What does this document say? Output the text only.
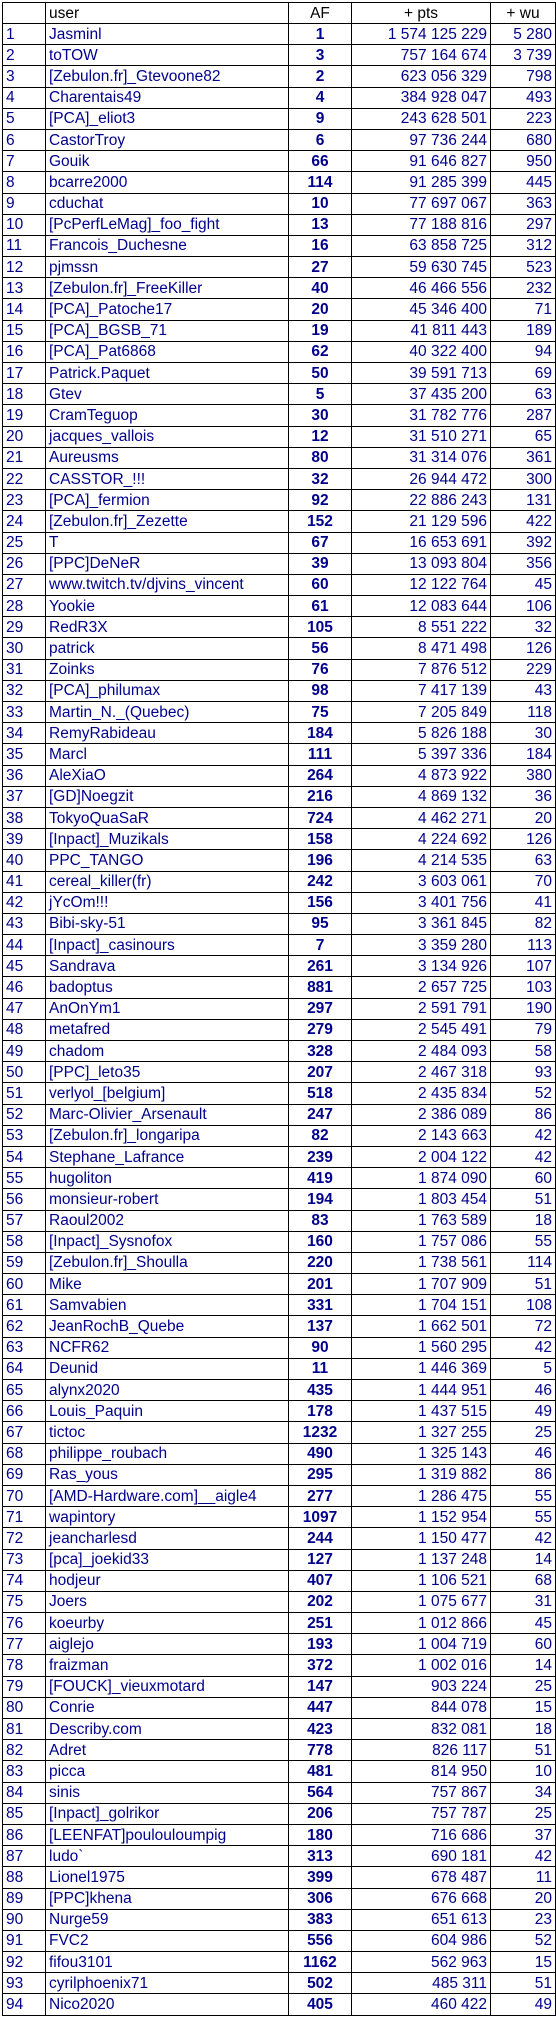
	user	AF	+ pts	+ wu
1	Jasminl	1	1 574 125 229	5 280
2	toTOW	3	757 164 674	3 739
3	[Zebulon.fr]_Gtevoone82	2	623 056 329	798
4	Charentais49	4	384 928 047	493
5	[PCA]_eliot3	9	243 628 501	223
6	CastorTroy	6	97 736 244	680
7	Gouik	66	91 646 827	950
8	bcarre2000	114	91 285 399	445
9	cduchat	10	77 697 067	363
10	[PcPerfLeMag]_foo_fight	13	77 188 816	297
11	Francois_Duchesne	16	63 858 725	312
12	pjmssn	27	59 630 745	523
13	[Zebulon.fr]_FreeKiller	40	46 466 556	232
14	[PCA]_Patoche17	20	45 346 400	71
15	[PCA]_BGSB_71	19	41 811 443	189
16	[PCA]_Pat6868	62	40 322 400	94
17	Patrick.Paquet	50	39 591 713	69
18	Gtev	5	37 435 200	63
19	CramTeguop	30	31 782 776	287
20	jacques_vallois	12	31 510 271	65
21	Aureusms	80	31 314 076	361
22	CASSTOR_!!!	32	26 944 472	300
23	[PCA]_fermion	92	22 886 243	131
24	[Zebulon.fr]_Zezette	152	21 129 596	422
25	T	67	16 653 691	392
26	[PPC]DeNeR	39	13 093 804	356
27	www.twitch.tv/djvins_vincent	60	12 122 764	45
28	Yookie	61	12 083 644	106
29	RedR3X	105	8 551 222	32
30	patrick	56	8 471 498	126
31	Zoinks	76	7 876 512	229
32	[PCA]_philumax	98	7 417 139	43
33	Martin_N._(Quebec)	75	7 205 849	118
34	RemyRabideau	184	5 826 188	30
35	Marcl	111	5 397 336	184
36	AleXiaO	264	4 873 922	380
37	[GD]Noegzit	216	4 869 132	36
38	TokyoQuaSaR	724	4 462 271	20
39	[Inpact]_Muzikals	158	4 224 692	126
40	PPC_TANGO	196	4 214 535	63
41	cereal_killer(fr)	242	3 603 061	70
42	jYcOm!!!	156	3 401 756	41
43	Bibi-sky-51	95	3 361 845	82
44	[Inpact]_casinours	7	3 359 280	113
45	Sandrava	261	3 134 926	107
46	badoptus	881	2 657 725	103
47	AnOnYm1	297	2 591 791	190
48	metafred	279	2 545 491	79
49	chadom	328	2 484 093	58
50	[PPC]_leto35	207	2 467 318	93
51	verlyol_[belgium]	518	2 435 834	52
52	Marc-Olivier_Arsenault	247	2 386 089	86
53	[Zebulon.fr]_longaripa	82	2 143 663	42
54	Stephane_Lafrance	239	2 004 122	42
55	hugoliton	419	1 874 090	60
56	monsieur-robert	194	1 803 454	51
57	Raoul2002	83	1 763 589	18
58	[Inpact]_Sysnofox	160	1 757 086	55
59	[Zebulon.fr]_Shoulla	220	1 738 561	114
60	Mike	201	1 707 909	51
61	Samvabien	331	1 704 151	108
62	JeanRochB_Quebe	137	1 662 501	72
63	NCFR62	90	1 560 295	42
64	Deunid	11	1 446 369	5
65	alynx2020	435	1 444 951	46
66	Louis_Paquin	178	1 437 515	49
67	tictoc	1232	1 327 255	25
68	philippe_roubach	490	1 325 143	46
69	Ras_yous	295	1 319 882	86
70	[AMD-Hardware.com]__aigle4	277	1 286 475	55
71	wapintory	1097	1 152 954	55
72	jeancharlesd	244	1 150 477	42
73	[pca]_joekid33	127	1 137 248	14
74	hodjeur	407	1 106 521	68
75	Joers	202	1 075 677	31
76	koeurby	251	1 012 866	45
77	aiglejo	193	1 004 719	60
78	fraizman	372	1 002 016	14
79	[FOUCK]_vieuxmotard	147	903 224	25
80	Conrie	447	844 078	15
81	Describy.com	423	832 081	18
82	Adret	778	826 117	51
83	picca	481	814 950	10
84	sinis	564	757 867	34
85	[Inpact]_golrikor	206	757 787	25
86	[LEENFAT]poulouloumpig	180	716 686	37
87	ludo`	313	690 181	42
88	Lionel1975	399	678 487	11
89	[PPC]khena	306	676 668	20
90	Nurge59	383	651 613	23
91	FVC2	556	604 986	52
92	fifou3101	1162	562 963	15
93	cyrilphoenix71	502	485 311	51
94	Nico2020	405	460 422	49
